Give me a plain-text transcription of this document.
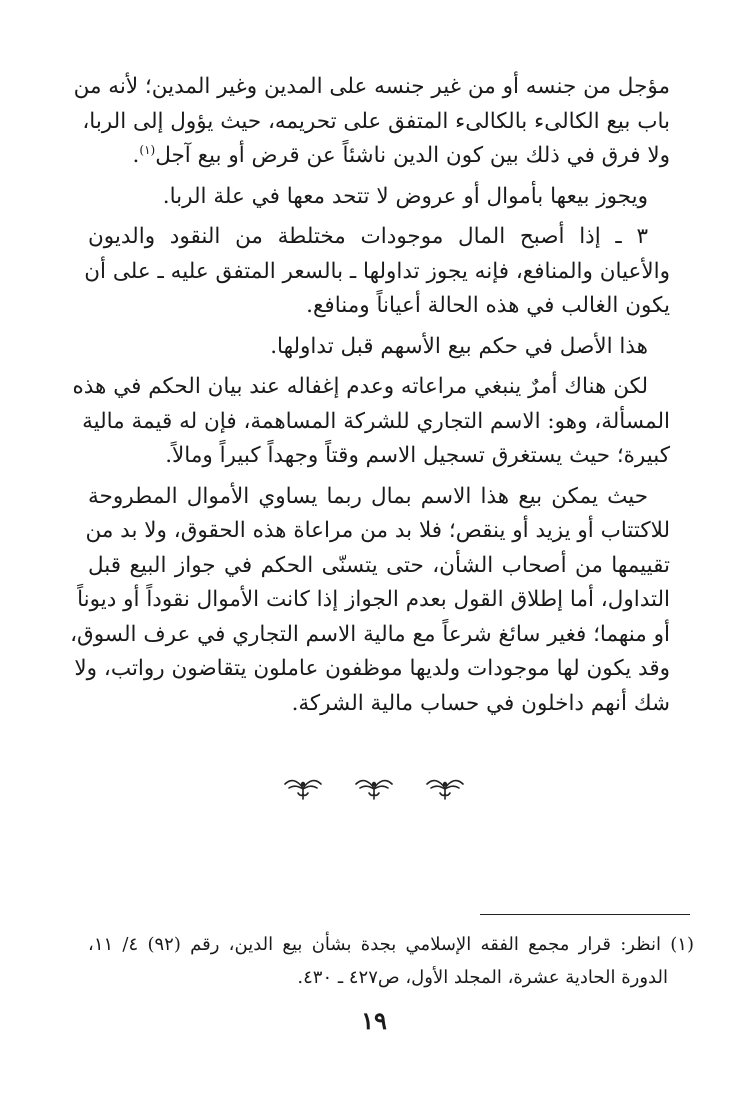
مؤجل من جنسه أو من غير جنسه على المدين وغير المدين؛ لأنه من
باب بيع الكالىء بالكالىء المتفق على تحريمه، حيث يؤول إلى الربا،
ولا فرق في ذلك بين كون الدين ناشئاً عن قرض أو بيع آجل$^{(١)}$.

ويجوز بيعها بأموال أو عروض لا تتحد معها في علة الربا.

٣ ـ إذا أصبح المال موجودات مختلطة من النقود والديون
والأعيان والمنافع، فإنه يجوز تداولها ـ بالسعر المتفق عليه ـ على أن
يكون الغالب في هذه الحالة أعياناً ومنافع.

هذا الأصل في حكم بيع الأسهم قبل تداولها.

لكن هناك أمرٌ ينبغي مراعاته وعدم إغفاله عند بيان الحكم في هذه
المسألة، وهو: الاسم التجاري للشركة المساهمة، فإن له قيمة مالية
كبيرة؛ حيث يستغرق تسجيل الاسم وقتاً وجهداً كبيراً ومالاً.

حيث يمكن بيع هذا الاسم بمال ربما يساوي الأموال المطروحة
للاكتتاب أو يزيد أو ينقص؛ فلا بد من مراعاة هذه الحقوق، ولا بد من
تقييمها من أصحاب الشأن، حتى يتسنّى الحكم في جواز البيع قبل
التداول، أما إطلاق القول بعدم الجواز إذا كانت الأموال نقوداً أو ديوناً
أو منهما؛ فغير سائغ شرعاً مع مالية الاسم التجاري في عرف السوق،
وقد يكون لها موجودات ولديها موظفون عاملون يتقاضون رواتب، ولا
شك أنهم داخلون في حساب مالية الشركة.

(١) انظر: قرار مجمع الفقه الإسلامي بجدة بشأن بيع الدين، رقم (٩٢) ٤/ ١١،
الدورة الحادية عشرة، المجلد الأول، ص٤٢٧ ـ ٤٣٠.
١٩
